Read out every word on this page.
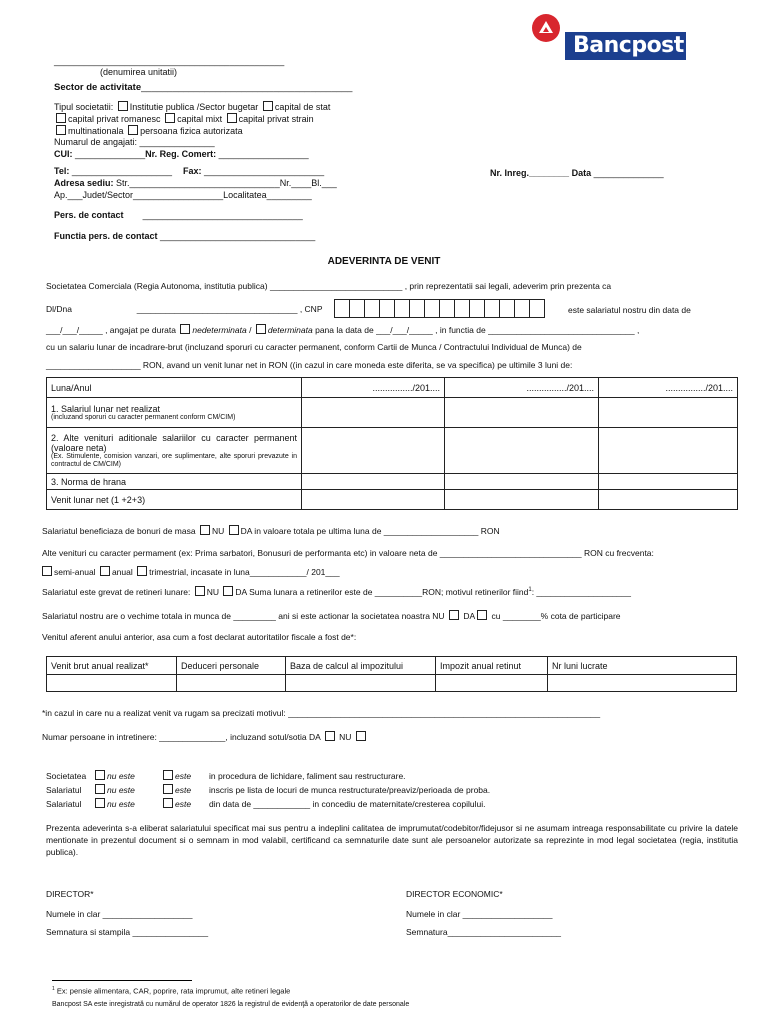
Bancpost
______________________________________________
(denumirea unitatii)
Sector de activitate________________________________________
Tipul societatii: Institutie publica /Sector bugetar capital de stat
capital privat romanesc capital mixt capital privat strain
multinationala persoana fizica autorizata
Numarul de angajati: _______________
CUI: ______________Nr. Reg. Comert: __________________
Tel: ____________________ Fax: ________________________	Nr. Inreg.________ Data ______________
Adresa sediu: Str.______________________________Nr.____Bl.___
Ap.___Judet/Sector__________________Localitatea_________
Pers. de contact ________________________________
Functia pers. de contact _______________________________
ADEVERINTA DE VENIT
Societatea Comerciala (Regia Autonoma, institutia publica) ____________________________ , prin reprezentatii sai legali, adeverim prin prezenta ca
Dl/Dna	__________________________________ , CNP	este salariatul nostru din data de
___/___/_____ , angajat pe durata nedeterminata / determinata pana la data de ___/___/_____ , in functia de _______________________________ ,
cu un salariu lunar de incadrare-brut (incluzand sporuri cu caracter permanent, conform Cartii de Munca / Contractului Individual de Munca) de
____________________ RON, avand un venit lunar net in RON ((in cazul in care moneda este diferita, se va specifica) pe ultimile 3 luni de:
Luna/Anul	................/201....	................/201....	................/201....

1. Salariul lunar net realizat
(incluzand sporuri cu caracter permanent conform CM/CIM)			

2. Alte venituri aditionale salariilor cu caracter permanent (valoare neta)
(Ex. Stimulente, comision vanzari, ore suplimentare, alte sporuri prevazute in contractul de CM/CIM)			

3. Norma de hrana			
Venit lunar net (1 +2+3)			
Salariatul beneficiaza de bonuri de masa NU DA in valoare totala pe ultima luna de ____________________ RON
Alte venituri cu caracter permament (ex: Prima sarbatori, Bonusuri de performanta etc) in valoare neta de ______________________________ RON cu frecventa:
semi-anual anual trimestrial, incasate in luna____________/ 201___
Salariatul este grevat de retineri lunare: NU DA Suma lunara a retinerilor este de __________RON; motivul retinerilor fiind$^1$: ____________________
Salariatul nostru are o vechime totala in munca de _________ ani si este actionar la societatea noastra NU DA cu ________% cota de participare
Venitul aferent anului anterior, asa cum a fost declarat autoritatilor fiscale a fost de*:
Venit brut anual realizat*	Deduceri personale	Baza de calcul al impozitului	Impozit anual retinut	Nr luni lucrate

*in cazul in care nu a realizat venit va rugam sa precizati motivul: __________________________________________________________________
Numar persoane in intretinere: ______________, incluzand sotul/sotia DA NU
Societatea nu este	este in procedura de lichidare, faliment sau restructurare.
Salariatul	nu este	este inscris pe lista de locuri de munca restructurate/preaviz/perioada de proba.
Salariatul	nu este	este din data de ____________ in concediu de maternitate/cresterea copilului.
Prezenta adeverinta s-a eliberat salariatului specificat mai sus pentru a indeplini calitatea de imprumutat/codebitor/fidejusor si ne asumam intreaga responsabilitate cu privire la datele mentionate in prezentul document si o semnam in mod valabil, certificand ca semnaturile date sunt ale persoanelor autorizate sa reprezinte in mod legal societatea (regia, institutia publica).
DIRECTOR*
Numele in clar ___________________
Semnatura si stampila ________________
DIRECTOR ECONOMIC*
Numele in clar ___________________
Semnatura________________________
$^1$ Ex: pensie alimentara, CAR, poprire, rata imprumut, alte retineri legale
Bancpost SA este inregistrată cu numărul de operator 1826 la registrul de evidenţă a operatorilor de date personale
